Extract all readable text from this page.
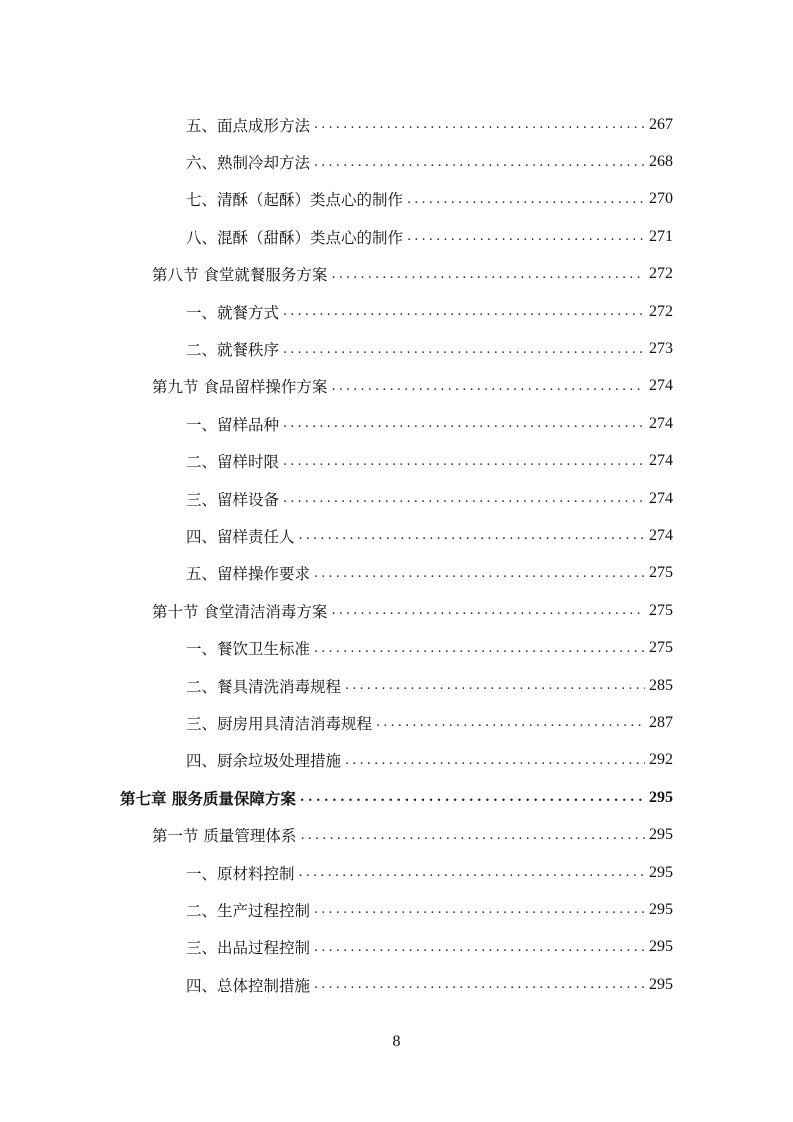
五、面点成形方法 . . .	267
六、熟制冷却方法 . . .	268
七、清酥（起酥）类点心的制作 . . .	270
八、混酥（甜酥）类点心的制作 . . .	271
第八节 食堂就餐服务方案 . . .	272
一、就餐方式 . . .	272
二、就餐秩序 . . .	273
第九节 食品留样操作方案 . . .	274
一、留样品种 . . .	274
二、留样时限 . . .	274
三、留样设备 . . .	274
四、留样责任人 . . .	274
五、留样操作要求 . . .	275
第十节 食堂清洁消毒方案 . . .	275
一、餐饮卫生标准 . . .	275
二、餐具清洗消毒规程 . . .	285
三、厨房用具清洁消毒规程 . . .	287
四、厨余垃圾处理措施 . . .	292
第七章 服务质量保障方案 . . .	295
第一节 质量管理体系 . . .	295
一、原材料控制 . . .	295
二、生产过程控制 . . .	295
三、出品过程控制 . . .	295
四、总体控制措施 . . .	295
8
